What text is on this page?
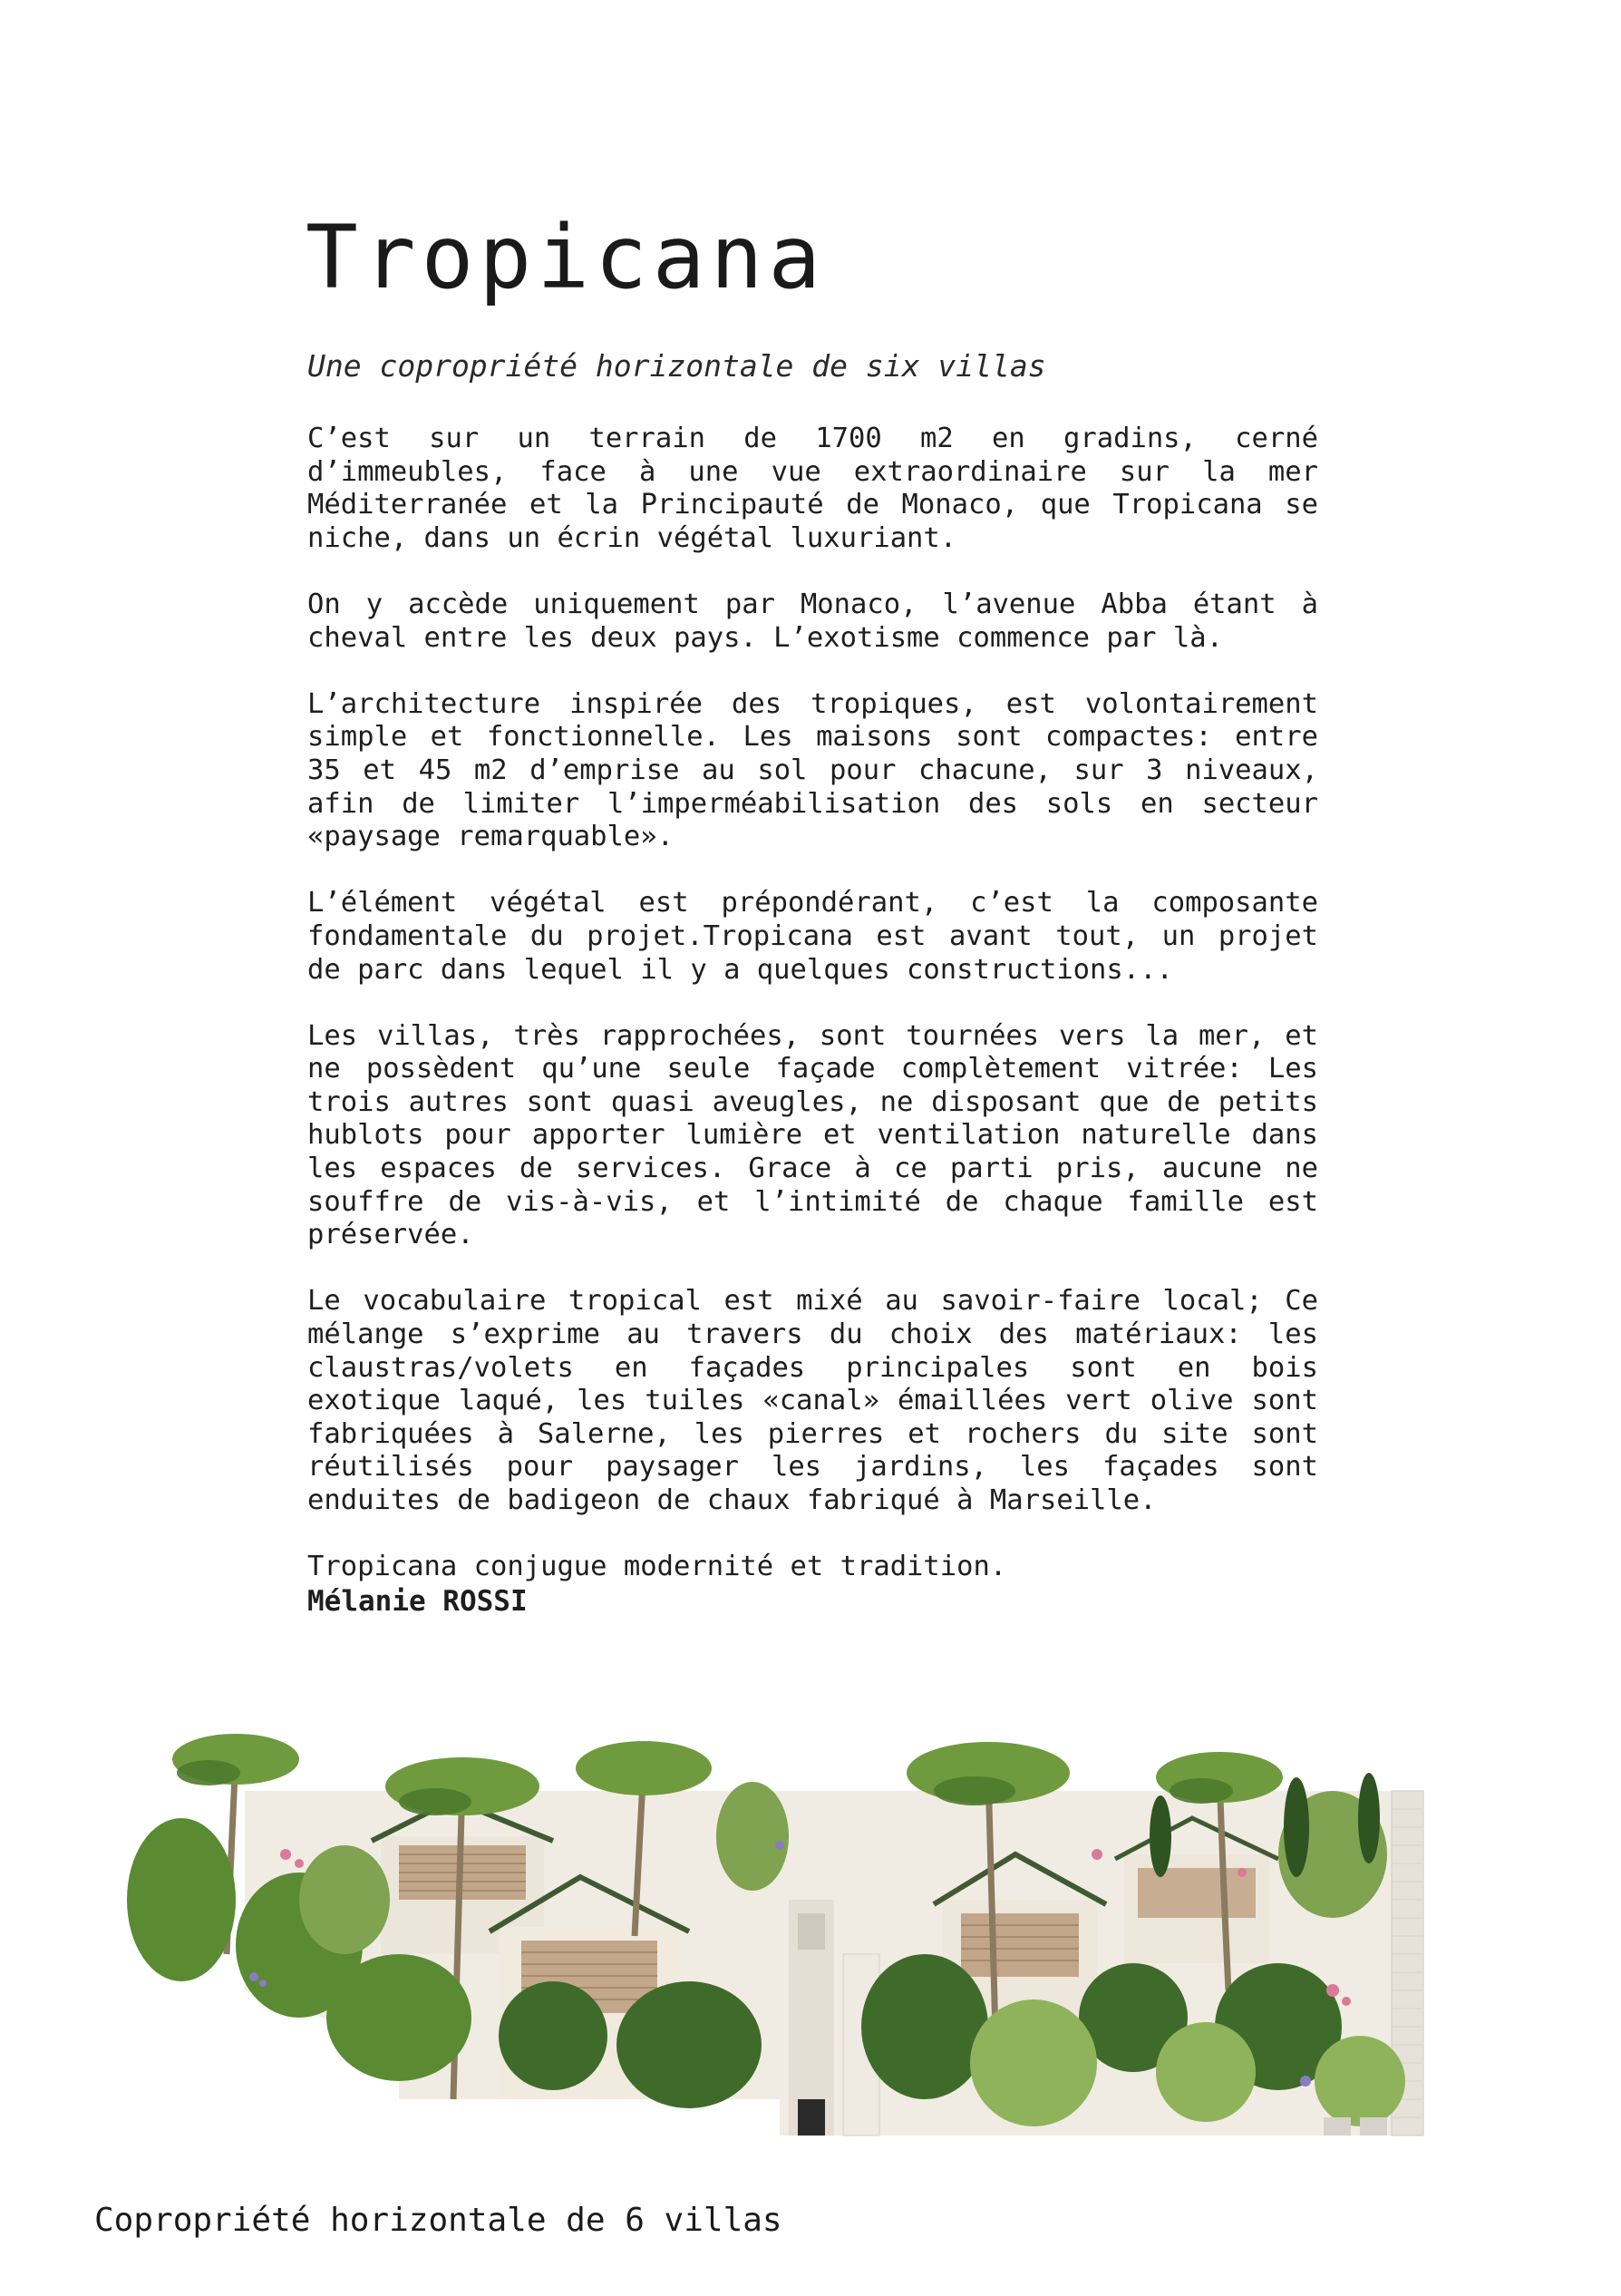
Tropicana

Une copropriété horizontale de six villas

C’est sur un terrain de 1700 m2 en gradins, cerné d’immeubles, face à une vue extraordinaire sur la mer Méditerranée et la Principauté de Monaco, que Tropicana se niche, dans un écrin végétal luxuriant.

On y accède uniquement par Monaco, l’avenue Abba étant à cheval entre les deux pays. L’exotisme commence par là.

L’architecture inspirée des tropiques, est volontairement simple et fonctionnelle. Les maisons sont compactes: entre 35 et 45 m2 d’emprise au sol pour chacune, sur 3 niveaux, afin de limiter l’imperméabilisation des sols en secteur «paysage remarquable».

L’élément végétal est prépondérant, c’est la composante fondamentale du projet.Tropicana est avant tout, un projet de parc dans lequel il y a quelques constructions...

Les villas, très rapprochées, sont tournées vers la mer, et ne possèdent qu’une seule façade complètement vitrée: Les trois autres sont quasi aveugles, ne disposant que de petits hublots pour apporter lumière et ventilation naturelle dans les espaces de services. Grace à ce parti pris, aucune ne souffre de vis-à-vis, et l’intimité de chaque famille est préservée.

Le vocabulaire tropical est mixé au savoir-faire local; Ce mélange s’exprime au travers du choix des matériaux: les claustras/volets en façades principales sont en bois exotique laqué, les tuiles «canal» émaillées vert olive sont fabriquées à Salerne, les pierres et rochers du site sont réutilisés pour paysager les jardins, les façades sont enduites de badigeon de chaux fabriqué à Marseille.

Tropicana conjugue modernité et tradition.

Mélanie ROSSI

Copropriété horizontale de 6 villas
